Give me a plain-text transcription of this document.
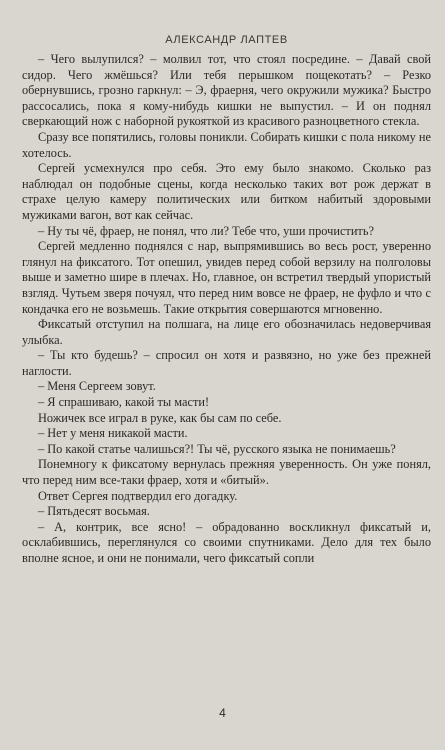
АЛЕКСАНДР ЛАПТЕВ

– Чего вылупился? – молвил тот, что стоял посредине. – Давай свой сидор. Чего жмёшься? Или тебя перышком пощекотать? – Резко обернувшись, грозно гаркнул: – Э, фраерня, чего окружили мужика? Быстро рассосались, пока я кому-нибудь кишки не выпустил. – И он поднял сверкающий нож с наборной рукояткой из красивого разноцветного стекла.

Сразу все попятились, головы поникли. Собирать кишки с пола никому не хотелось.

Сергей усмехнулся про себя. Это ему было знакомо. Сколько раз наблюдал он подобные сцены, когда несколько таких вот рож держат в страхе целую камеру политических или битком набитый здоровыми мужиками вагон, вот как сейчас.

– Ну ты чё, фраер, не понял, что ли? Тебе что, уши прочистить?

Сергей медленно поднялся с нар, выпрямившись во весь рост, уверенно глянул на фиксатого. Тот опешил, увидев перед собой верзилу на полголовы выше и заметно шире в плечах. Но, главное, он встретил твердый упористый взгляд. Чутьем зверя почуял, что перед ним вовсе не фраер, не фуфло и что с кондачка его не возьмешь. Такие открытия совершаются мгновенно.

Фиксатый отступил на полшага, на лице его обозначилась недоверчивая улыбка.

– Ты кто будешь? – спросил он хотя и развязно, но уже без прежней наглости.

– Меня Сергеем зовут.

– Я спрашиваю, какой ты масти!

Ножичек все играл в руке, как бы сам по себе.

– Нет у меня никакой масти.

– По какой статье чалишься?! Ты чё, русского языка не понимаешь?

Понемногу к фиксатому вернулась прежняя уверенность. Он уже понял, что перед ним все-таки фраер, хотя и «битый».

Ответ Сергея подтвердил его догадку.

– Пятьдесят восьмая.

– А, контрик, все ясно! – обрадованно воскликнул фиксатый и, осклабившись, переглянулся со своими спутниками. Дело для тех было вполне ясное, и они не понимали, чего фиксатый сопли

4
